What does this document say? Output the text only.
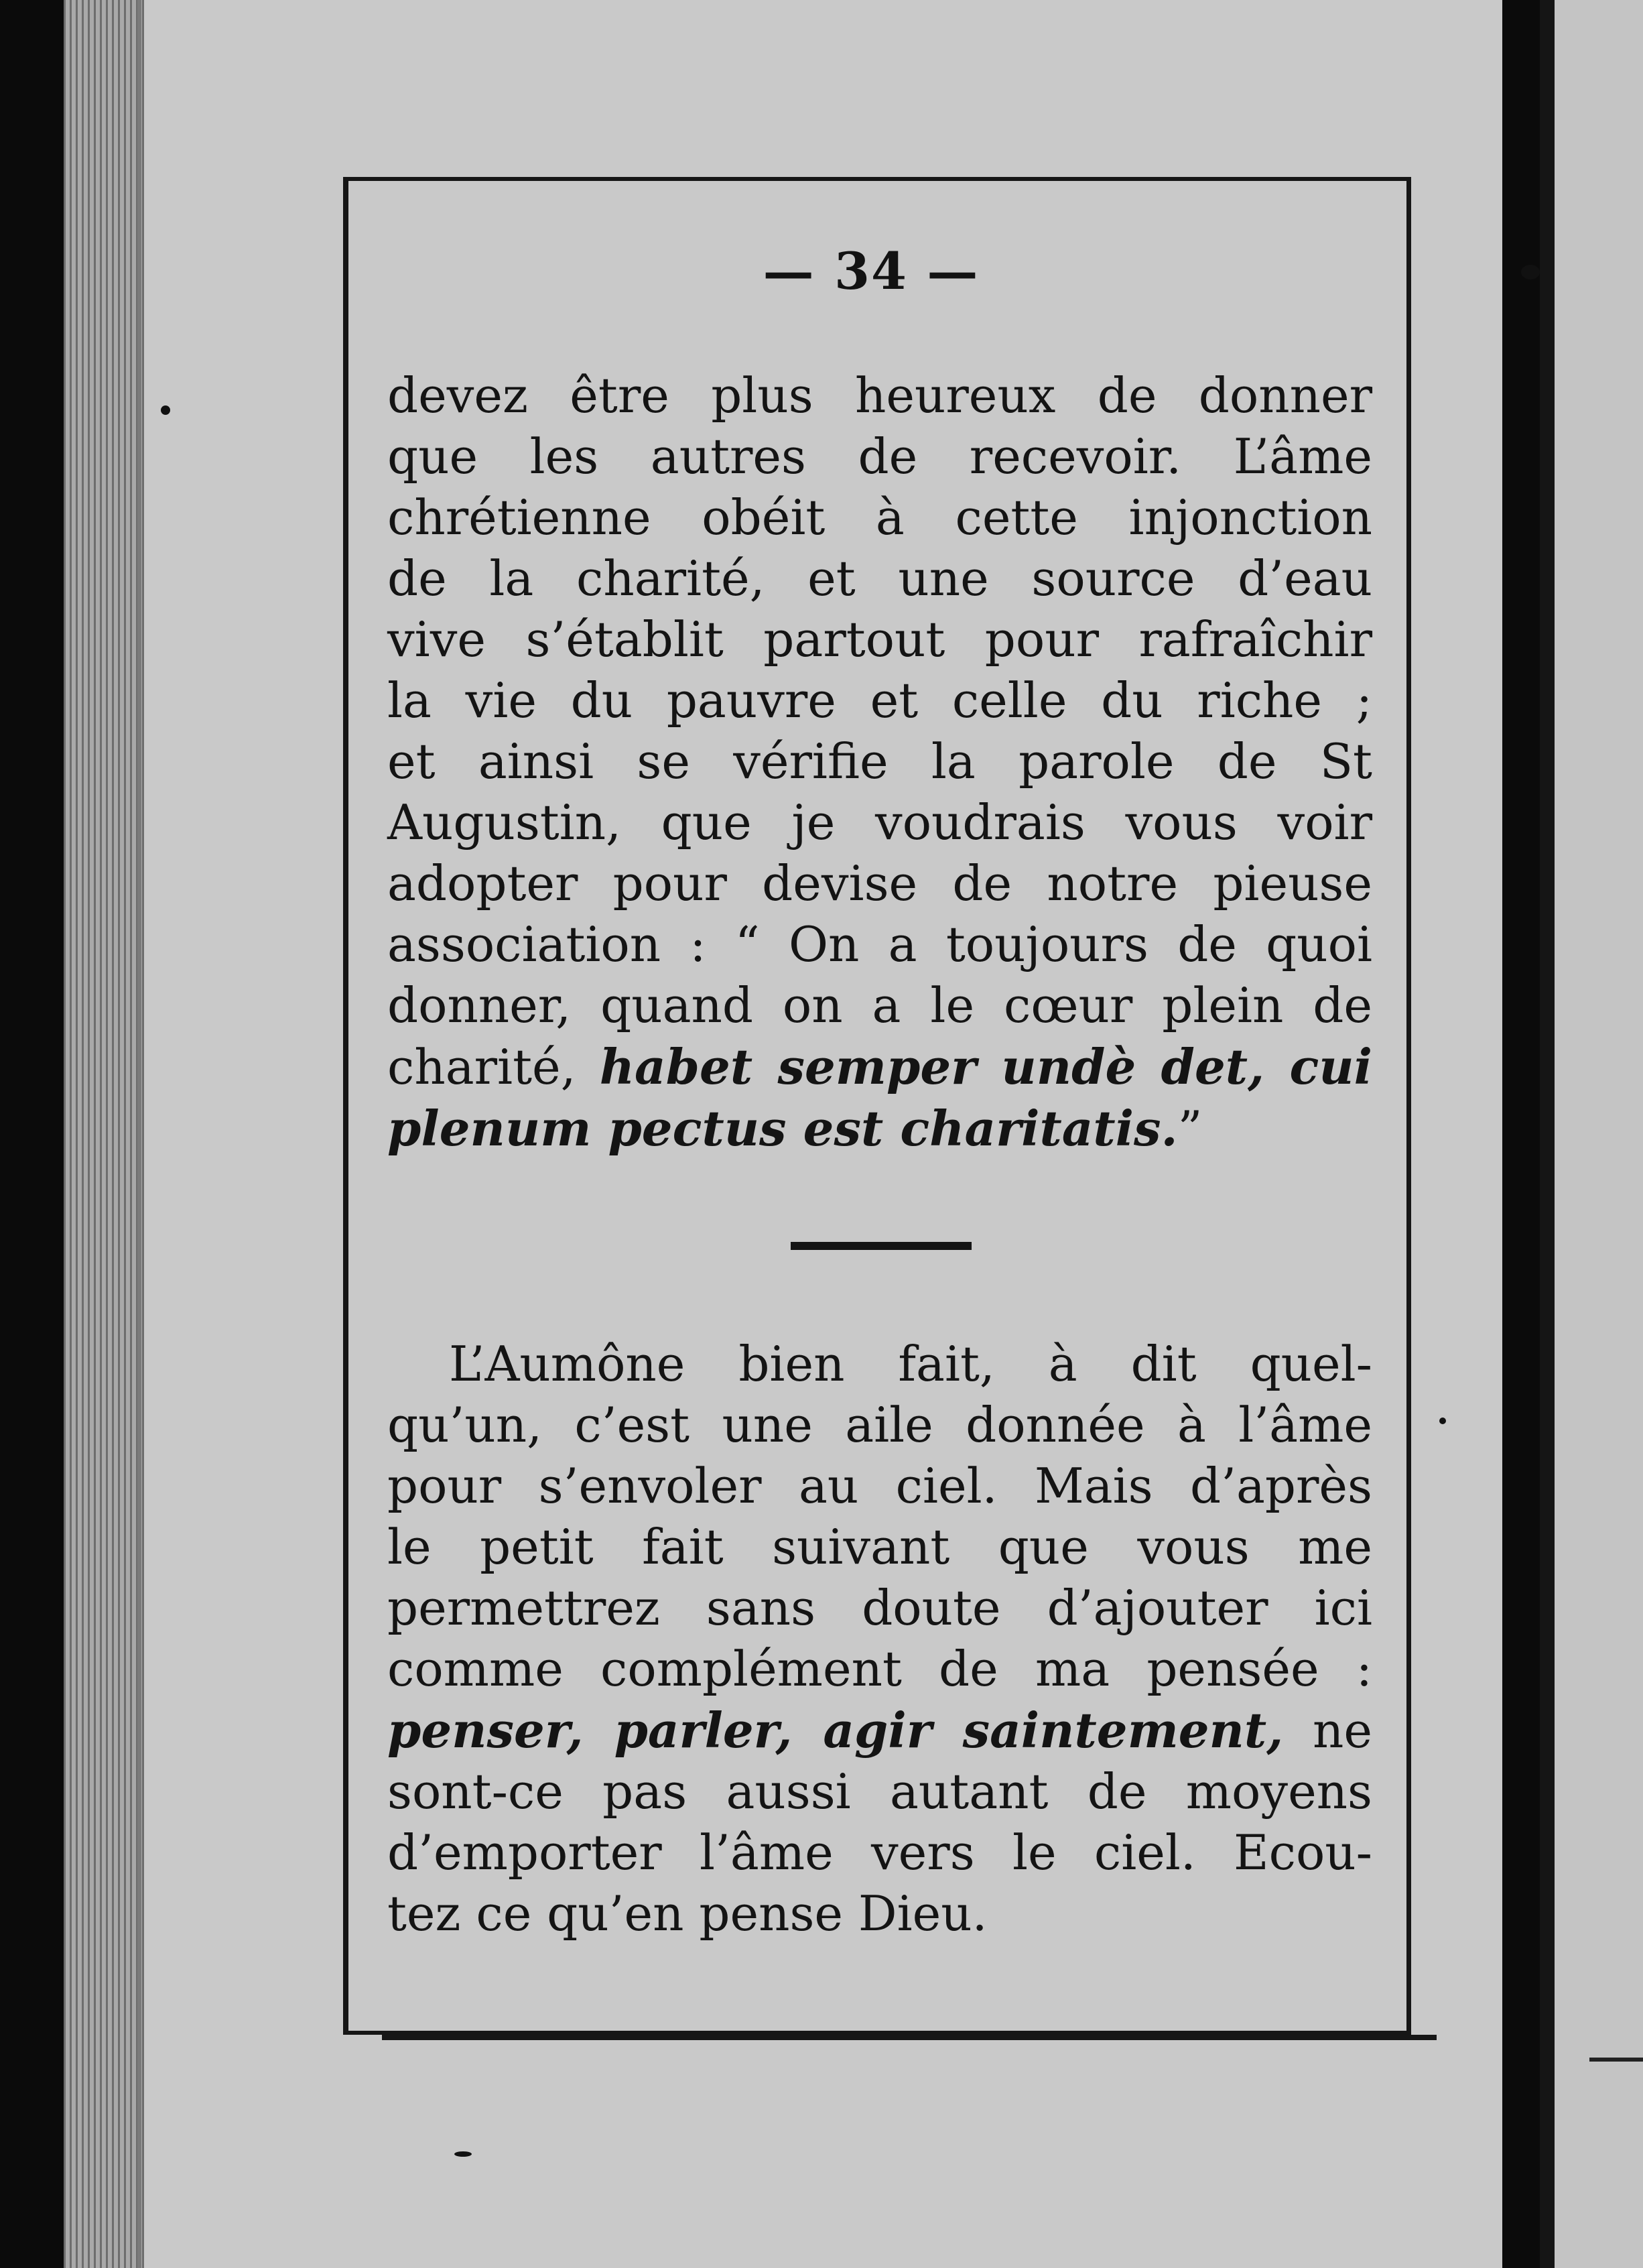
— 34 —
devez être plus heureux de donner
que les autres de recevoir. L’âme
chrétienne obéit à cette injonction
de la charité, et une source d’eau
vive s’établit partout pour rafraîchir
la vie du pauvre et celle du riche ;
et ainsi se vérifie la parole de St
Augustin, que je voudrais vous voir
adopter pour devise de notre pieuse
association : “ On a toujours de quoi
donner, quand on a le cœur plein de
charité, habet semper undè det, cui
plenum pectus est charitatis.”
L’Aumône bien fait, à dit quel-
qu’un, c’est une aile donnée à l’âme
pour s’envoler au ciel. Mais d’après
le petit fait suivant que vous me
permettrez sans doute d’ajouter ici
comme complément de ma pensée :
penser, parler, agir saintement, ne
sont-ce pas aussi autant de moyens
d’emporter l’âme vers le ciel. Ecou-
tez ce qu’en pense Dieu.
